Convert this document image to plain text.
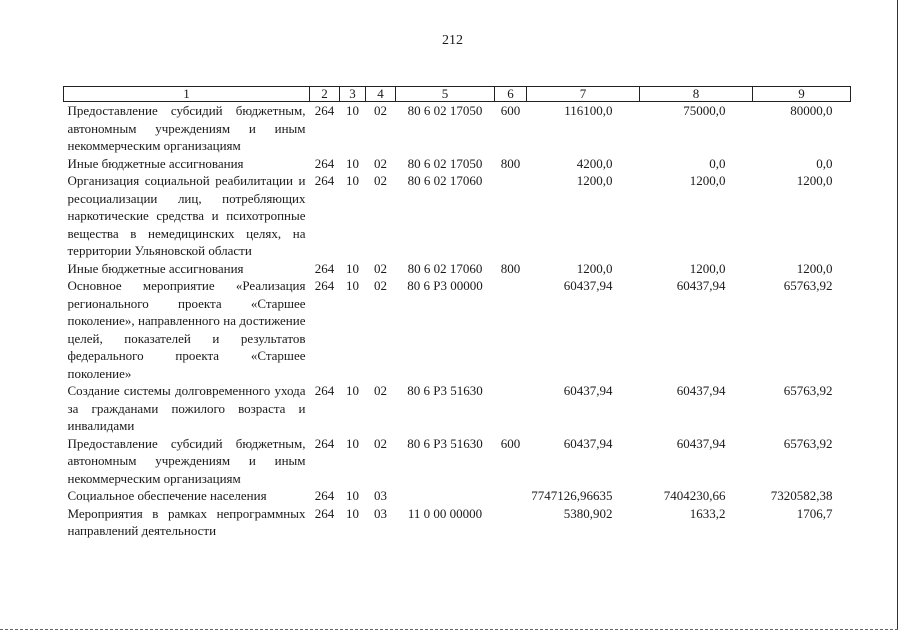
212
1	2	3	4	5	6	7	8	9
Предоставление субсидий бюджетным, автономным учреждениям и иным некоммерческим организациям	264	10	02	80 6 02 17050	600	116100,0	75000,0	80000,0
Иные бюджетные ассигнования	264	10	02	80 6 02 17050	800	4200,0	0,0	0,0
Организация социальной реабилитации и ресоциализации лиц, потребляющих наркотические средства и психотропные вещества в немедицинских целях, на территории Ульяновской области	264	10	02	80 6 02 17060		1200,0	1200,0	1200,0
Иные бюджетные ассигнования	264	10	02	80 6 02 17060	800	1200,0	1200,0	1200,0
Основное мероприятие «Реализация регионального проекта «Старшее поколение», направленного на достижение целей, показателей и результатов федерального проекта «Старшее поколение»	264	10	02	80 6 Р3 00000		60437,94	60437,94	65763,92
Создание системы долговременного ухода за гражданами пожилого возраста и инвалидами	264	10	02	80 6 Р3 51630		60437,94	60437,94	65763,92
Предоставление субсидий бюджетным, автономным учреждениям и иным некоммерческим организациям	264	10	02	80 6 Р3 51630	600	60437,94	60437,94	65763,92
Социальное обеспечение населения	264	10	03			7747126,96635	7404230,66	7320582,38
Мероприятия в рамках непрограммных направлений деятельности	264	10	03	11 0 00 00000		5380,902	1633,2	1706,7
